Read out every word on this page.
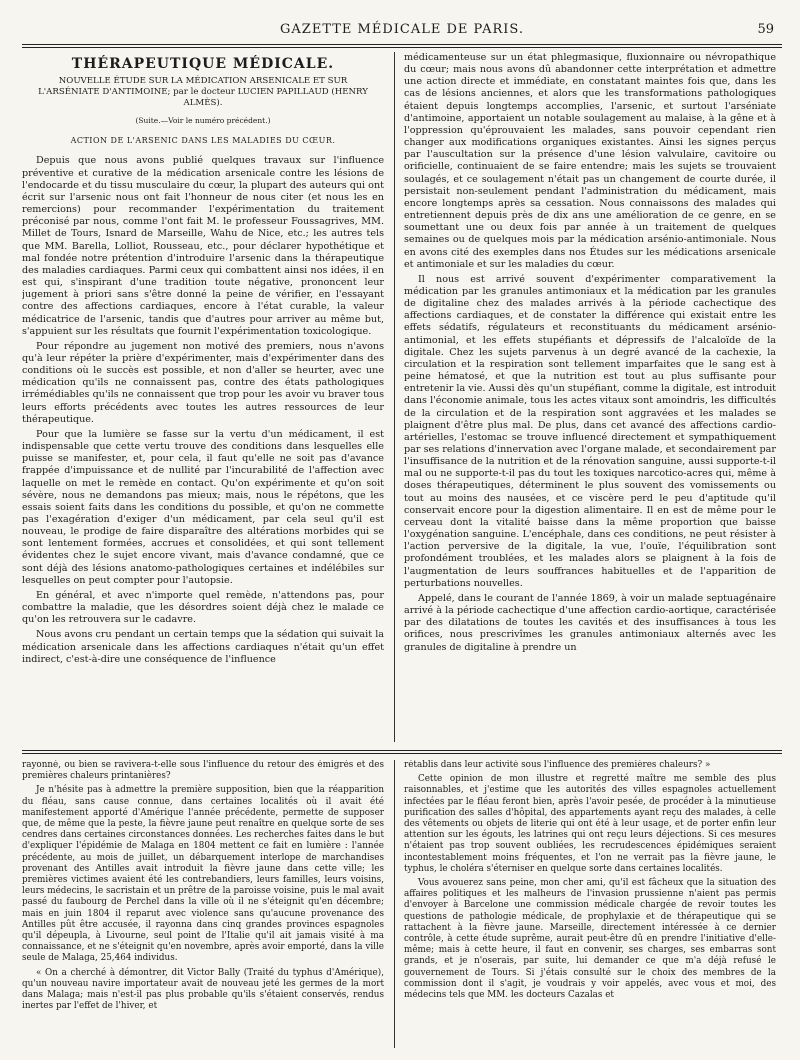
GAZETTE MÉDICALE DE PARIS.	59
THÉRAPEUTIQUE MÉDICALE.
NOUVELLE ÉTUDE SUR LA MÉDICATION ARSENICALE ET SUR L'ARSÉNIATE D'ANTIMOINE; par le docteur LUCIEN PAPILLAUD (HENRY ALMÈS).
(Suite.—Voir le numéro précédent.)
ACTION DE L'ARSENIC DANS LES MALADIES DU CŒUR.

Depuis que nous avons publié quelques travaux sur l'influence préventive et curative de la médication arsenicale contre les lésions de l'endocarde et du tissu musculaire du cœur, la plupart des auteurs qui ont écrit sur l'arsenic nous ont fait l'honneur de nous citer (et nous les en remercions) pour recommander l'expérimentation du traitement préconisé par nous, comme l'ont fait M. le professeur Foussagrives, MM. Millet de Tours, Isnard de Marseille, Wahu de Nice, etc.; les autres tels que MM. Barella, Lolliot, Rousseau, etc., pour déclarer hypothétique et mal fondée notre prétention d'introduire l'arsenic dans la thérapeutique des maladies cardiaques. Parmi ceux qui combattent ainsi nos idées, il en est qui, s'inspirant d'une tradition toute négative, prononcent leur jugement à priori sans s'être donné la peine de vérifier, en l'essayant contre des affections cardiaques, encore à l'état curable, la valeur médicatrice de l'arsenic, tandis que d'autres pour arriver au même but, s'appuient sur les résultats que fournit l'expérimentation toxicologique.

Pour répondre au jugement non motivé des premiers, nous n'avons qu'à leur répéter la prière d'expérimenter, mais d'expérimenter dans des conditions où le succès est possible, et non d'aller se heurter, avec une médication qu'ils ne connaissent pas, contre des états pathologiques irrémédiables qu'ils ne connaissent que trop pour les avoir vu braver tous leurs efforts précédents avec toutes les autres ressources de leur thérapeutique.

Pour que la lumière se fasse sur la vertu d'un médicament, il est indispensable que cette vertu trouve des conditions dans lesquelles elle puisse se manifester, et, pour cela, il faut qu'elle ne soit pas d'avance frappée d'impuissance et de nullité par l'incurabilité de l'affection avec laquelle on met le remède en contact. Qu'on expérimente et qu'on soit sévère, nous ne demandons pas mieux; mais, nous le répétons, que les essais soient faits dans les conditions du possible, et qu'on ne commette pas l'exagération d'exiger d'un médicament, par cela seul qu'il est nouveau, le prodige de faire disparaître des altérations morbides qui se sont lentement formées, accrues et consolidées, et qui sont tellement évidentes chez le sujet encore vivant, mais d'avance condamné, que ce sont déjà des lésions anatomo-pathologiques certaines et indélébiles sur lesquelles on peut compter pour l'autopsie.

En général, et avec n'importe quel remède, n'attendons pas, pour combattre la maladie, que les désordres soient déjà chez le malade ce qu'on les retrouvera sur le cadavre.

Nous avons cru pendant un certain temps que la sédation qui suivait la médication arsenicale dans les affections cardiaques n'était qu'un effet indirect, c'est-à-dire une conséquence de l'influence

médicamenteuse sur un état phlegmasique, fluxionnaire ou névropathique du cœur; mais nous avons dû abandonner cette interprétation et admettre une action directe et immédiate, en constatant maintes fois que, dans les cas de lésions anciennes, et alors que les transformations pathologiques étaient depuis longtemps accomplies, l'arsenic, et surtout l'arséniate d'antimoine, apportaient un notable soulagement au malaise, à la gêne et à l'oppression qu'éprouvaient les malades, sans pouvoir cependant rien changer aux modifications organiques existantes. Ainsi les signes perçus par l'auscultation sur la présence d'une lésion valvulaire, cavitoire ou orificielle, continuaient de se faire entendre; mais les sujets se trouvaient soulagés, et ce soulagement n'était pas un changement de courte durée, il persistait non-seulement pendant l'administration du médicament, mais encore longtemps après sa cessation. Nous connaissons des malades qui entretiennent depuis près de dix ans une amélioration de ce genre, en se soumettant une ou deux fois par année à un traitement de quelques semaines ou de quelques mois par la médication arsénio-antimoniale. Nous en avons cité des exemples dans nos Études sur les médications arsenicale et antimoniale et sur les maladies du cœur.

Il nous est arrivé souvent d'expérimenter comparativement la médication par les granules antimoniaux et la médication par les granules de digitaline chez des malades arrivés à la période cachectique des affections cardiaques, et de constater la différence qui existait entre les effets sédatifs, régulateurs et reconstituants du médicament arsénio-antimonial, et les effets stupéfiants et dépressifs de l'alcaloïde de la digitale. Chez les sujets parvenus à un degré avancé de la cachexie, la circulation et la respiration sont tellement imparfaites que le sang est à peine hématosé, et que la nutrition est tout au plus suffisante pour entretenir la vie. Aussi dès qu'un stupéfiant, comme la digitale, est introduit dans l'économie animale, tous les actes vitaux sont amoindris, les difficultés de la circulation et de la respiration sont aggravées et les malades se plaignent d'être plus mal. De plus, dans cet avancé des affections cardio-artérielles, l'estomac se trouve influencé directement et sympathiquement par ses relations d'innervation avec l'organe malade, et secondairement par l'insuffisance de la nutrition et de la rénovation sanguine, aussi supporte-t-il mal ou ne supporte-t-il pas du tout les toxiques narcotico-acres qui, même à doses thérapeutiques, déterminent le plus souvent des vomissements ou tout au moins des nausées, et ce viscère perd le peu d'aptitude qu'il conservait encore pour la digestion alimentaire. Il en est de même pour le cerveau dont la vitalité baisse dans la même proportion que baisse l'oxygénation sanguine. L'encéphale, dans ces conditions, ne peut résister à l'action perversive de la digitale, la vue, l'ouïe, l'équilibration sont profondément troublées, et les malades alors se plaignent à la fois de l'augmentation de leurs souffrances habituelles et de l'apparition de perturbations nouvelles.

Appelé, dans le courant de l'année 1869, à voir un malade septuagénaire arrivé à la période cachectique d'une affection cardio-aortique, caractérisée par des dilatations de toutes les cavités et des insuffisances à tous les orifices, nous prescrivîmes les granules antimoniaux alternés avec les granules de digitaline à prendre un

rayonné, ou bien se ravivera-t-elle sous l'influence du retour des émigrés et des premières chaleurs printanières?

Je n'hésite pas à admettre la première supposition, bien que la réapparition du fléau, sans cause connue, dans certaines localités où il avait été manifestement apporté d'Amérique l'année précédente, permette de supposer que, de même que la peste, la fièvre jaune peut renaître en quelque sorte de ses cendres dans certaines circonstances données. Les recherches faites dans le but d'expliquer l'épidémie de Malaga en 1804 mettent ce fait en lumière : l'année précédente, au mois de juillet, un débarquement interlope de marchandises provenant des Antilles avait introduit la fièvre jaune dans cette ville; les premières victimes avaient été les contrebandiers, leurs familles, leurs voisins, leurs médecins, le sacristain et un prêtre de la paroisse voisine, puis le mal avait passé du faubourg de Perchel dans la ville où il ne s'éteignit qu'en décembre; mais en juin 1804 il reparut avec violence sans qu'aucune provenance des Antilles pût être accusée, il rayonna dans cinq grandes provinces espagnoles qu'il dépeupla, à Livourne, seul point de l'Italie qu'il ait jamais visité à ma connaissance, et ne s'éteignit qu'en novembre, après avoir emporté, dans la ville seule de Malaga, 25,464 individus.

« On a cherché à démontrer, dit Victor Bally (Traité du typhus d'Amérique), qu'un nouveau navire importateur avait de nouveau jeté les germes de la mort dans Malaga; mais n'est-il pas plus probable qu'ils s'étaient conservés, rendus inertes par l'effet de l'hiver, et

rétablis dans leur activité sous l'influence des premières chaleurs? »

Cette opinion de mon illustre et regretté maître me semble des plus raisonnables, et j'estime que les autorités des villes espagnoles actuellement infectées par le fléau feront bien, après l'avoir pesée, de procéder à la minutieuse purification des salles d'hôpital, des appartements ayant reçu des malades, à celle des vêtements ou objets de literie qui ont été à leur usage, et de porter enfin leur attention sur les égouts, les latrines qui ont reçu leurs déjections. Si ces mesures n'étaient pas trop souvent oubliées, les recrudescences épidémiques seraient incontestablement moins fréquentes, et l'on ne verrait pas la fièvre jaune, le typhus, le choléra s'éterniser en quelque sorte dans certaines localités.

Vous avouerez sans peine, mon cher ami, qu'il est fâcheux que la situation des affaires politiques et les malheurs de l'invasion prussienne n'aient pas permis d'envoyer à Barcelone une commission médicale chargée de revoir toutes les questions de pathologie médicale, de prophylaxie et de thérapeutique qui se rattachent à la fièvre jaune. Marseille, directement intéressée à ce dernier contrôle, à cette étude suprême, aurait peut-être dû en prendre l'initiative d'elle-même; mais à cette heure, il faut en convenir, ses charges, ses embarras sont grands, et je n'oserais, par suite, lui demander ce que m'a déjà refusé le gouvernement de Tours. Si j'étais consulté sur le choix des membres de la commission dont il s'agit, je voudrais y voir appelés, avec vous et moi, des médecins tels que MM. les docteurs Cazalas et
